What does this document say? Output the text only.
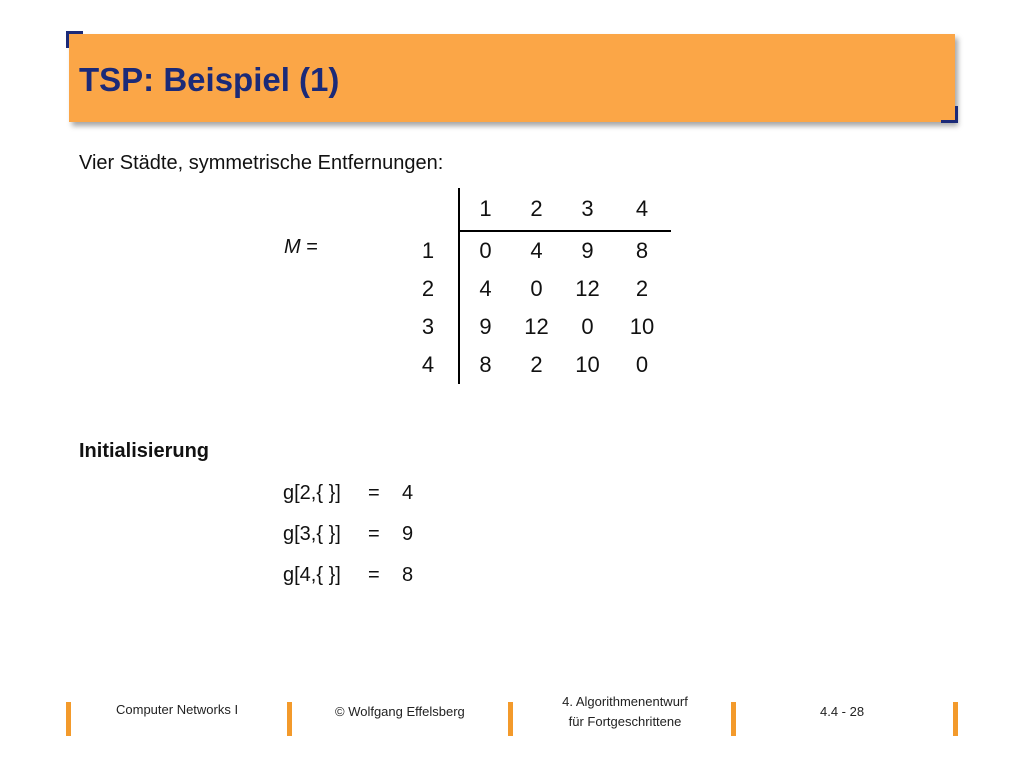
TSP: Beispiel (1)
Vier Städte, symmetrische Entfernungen:
M =
	1	2	3	4
1	0	4	9	8
2	4	0	12	2
3	9	12	0	10
4	8	2	10	0
Initialisierung
g[2,{ }] = 4
g[3,{ }] = 9
g[4,{ }] = 8
Computer Networks I	© Wolfgang Effelsberg
4. Algorithmenentwurf
für Fortgeschrittene
4.4 - 28
